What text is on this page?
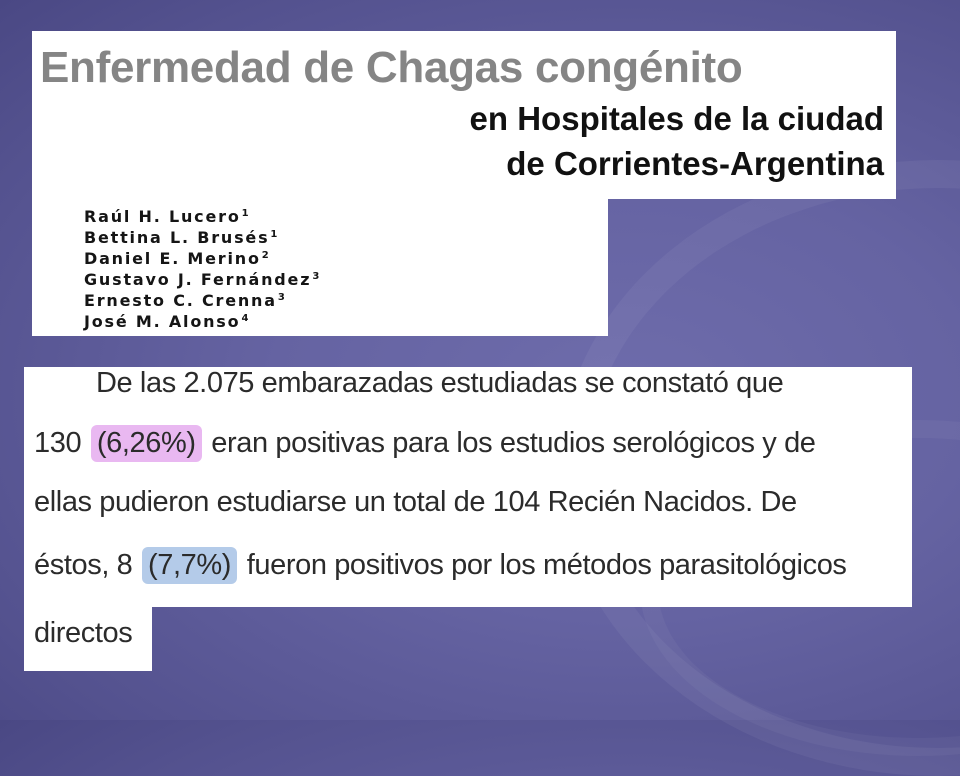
Enfermedad de Chagas congénito

en Hospitales de la ciudad

de Corrientes-Argentina

Raúl H. Lucero$^1$
Bettina L. Brusés$^1$
Daniel E. Merino$^2$
Gustavo J. Fernández$^3$
Ernesto C. Crenna$^3$
José M. Alonso$^4$

De las 2.075 embarazadas estudiadas se constató que

130 (6,26%) eran positivas para los estudios serológicos y de

ellas pudieron estudiarse un total de 104 Recién Nacidos. De

éstos, 8 (7,7%) fueron positivos por los métodos parasitológicos

directos
